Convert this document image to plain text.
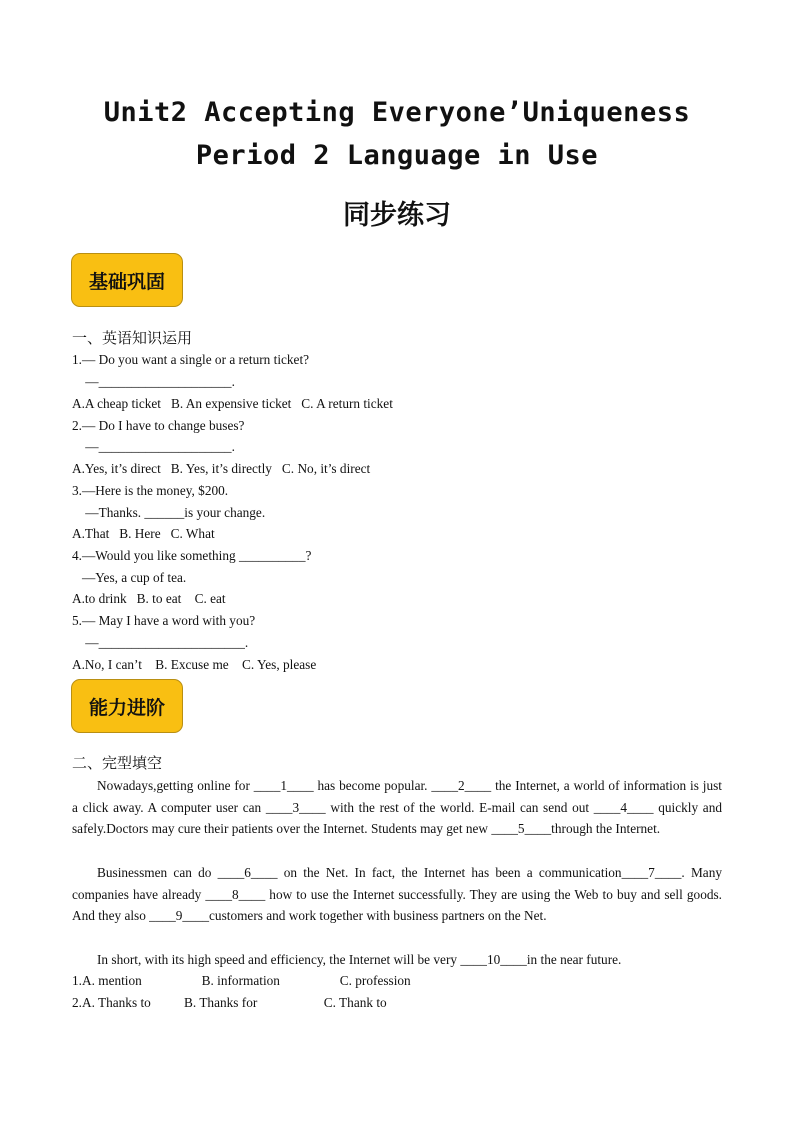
Unit2 Accepting Everyone’Uniqueness
Period 2 Language in Use
同步练习
基础巩固
一、英语知识运用
1.— Do you want a single or a return ticket?
—____________________.
A.A cheap ticket   B. An expensive ticket   C. A return ticket
2.— Do I have to change buses?
—____________________.
A.Yes, it’s direct   B. Yes, it’s directly   C. No, it’s direct
3.—Here is the money, $200.
—Thanks. ______is your change.
A.That   B. Here   C. What
4.—Would you like something __________?
—Yes, a cup of tea.
A.to drink   B. to eat    C. eat
5.— May I have a word with you?
—______________________.
A.No, I can’t    B. Excuse me    C. Yes, please
能力进阶
二、完型填空
Nowadays,getting online for ____1____ has become popular. ____2____ the Internet, a world of information is just a click away. A computer user can ____3____ with the rest of the world. E-mail can send out ____4____ quickly and safely.Doctors may cure their patients over the Internet. Students may get new ____5____through the Internet.
Businessmen can do ____6____ on the Net. In fact, the Internet has been a communication____7____. Many companies have already ____8____ how to use the Internet successfully. They are using the Web to buy and sell goods. And they also ____9____customers and work together with business partners on the Net.
In short, with its high speed and efficiency, the Internet will be very ____10____in the near future.
1.A. mention                  B. information                  C. profession
2.A. Thanks to          B. Thanks for                    C. Thank to
